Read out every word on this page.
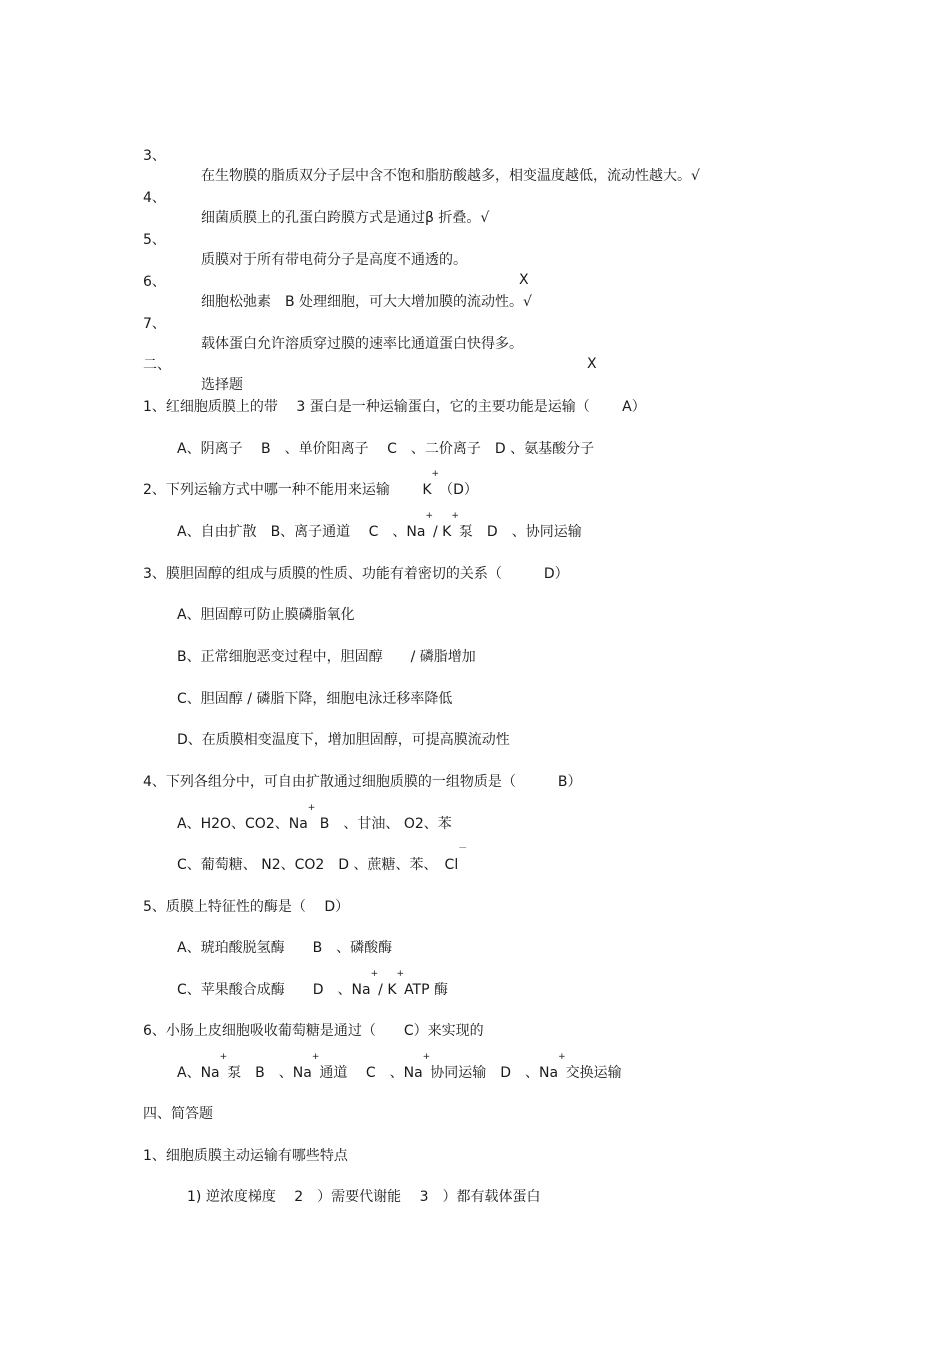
3、

在生物膜的脂质双分子层中含不饱和脂肪酸越多，相变温度越低，流动性越大。√

4、

细菌质膜上的孔蛋白跨膜方式是通过β 折叠。√

5、

质膜对于所有带电荷分子是高度不通透的。

X

6、

细胞松弛素　B 处理细胞，可大大增加膜的流动性。√

7、

载体蛋白允许溶质穿过膜的速率比通道蛋白快得多。

X

二、

选择题

1、红细胞质膜上的带　 3 蛋白是一种运输蛋白，它的主要功能是运输（　　 A）

A、阴离子　 B　、单价阳离子　 C　、二价离子　D 、氨基酸分子

2、下列运输方式中哪一种不能用来运输　　 K+（D）

A、自由扩散　B、离子通道　 C　、Na+/ K+泵　D　、协同运输

3、膜胆固醇的组成与质膜的性质、功能有着密切的关系（　　　D）

A、胆固醇可防止膜磷脂氧化

B、正常细胞恶变过程中，胆固醇　　/ 磷脂增加

C、胆固醇 / 磷脂下降，细胞电泳迁移率降低

D、在质膜相变温度下，增加胆固醇，可提高膜流动性

4、下列各组分中，可自由扩散通过细胞质膜的一组物质是（　　　B）

A、H2O、CO2、Na+ B　、甘油、 O2、苯

C、葡萄糖、 N2、CO2　D 、蔗糖、苯、　Cl－

5、质膜上特征性的酶是（　 D）

A、琥珀酸脱氢酶　　B　、磷酸酶

C、苹果酸合成酶　　D　、Na+/ K+ATP 酶

6、小肠上皮细胞吸收葡萄糖是通过（　　C）来实现的

A、Na+泵　B　、Na+通道　 C　、Na+协同运输　D　、Na+交换运输

四、简答题

1、细胞质膜主动运输有哪些特点

1) 逆浓度梯度　 2　）需要代谢能　 3　）都有载体蛋白
